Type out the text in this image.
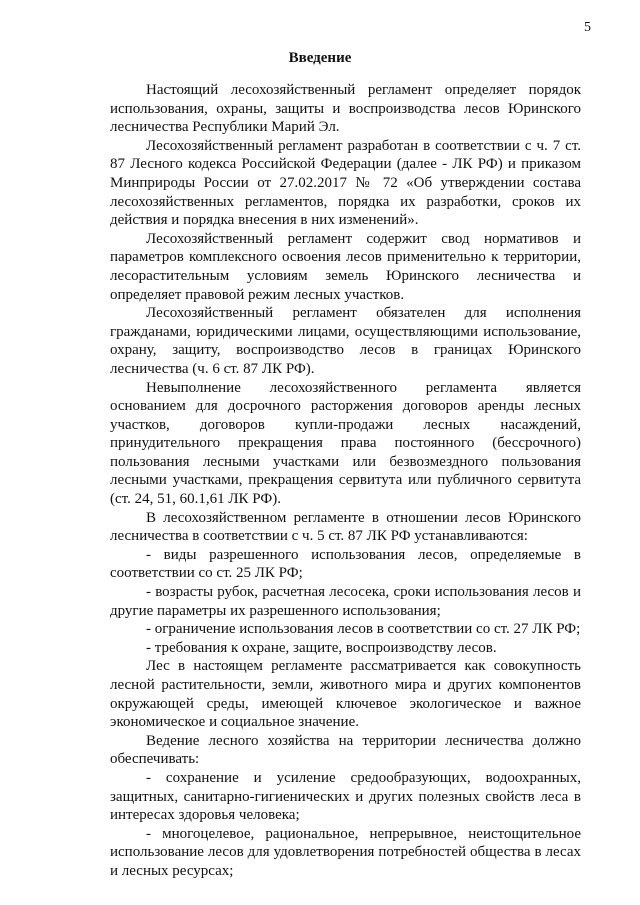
5
Введение

Настоящий лесохозяйственный регламент определяет порядок использования, охраны, защиты и воспроизводства лесов Юринского лесничества Республики Марий Эл.

Лесохозяйственный регламент разработан в соответствии с ч. 7 ст. 87 Лесного кодекса Российской Федерации (далее - ЛК РФ) и приказом Минприроды России от 27.02.2017 № 72 «Об утверждении состава лесохозяйственных регламентов, порядка их разработки, сроков их действия и порядка внесения в них изменений».

Лесохозяйственный регламент содержит свод нормативов и параметров комплексного освоения лесов применительно к территории, лесорастительным условиям земель Юринского лесничества и определяет правовой режим лесных участков.

Лесохозяйственный регламент обязателен для исполнения гражданами, юридическими лицами, осуществляющими использование, охрану, защиту, воспроизводство лесов в границах Юринского лесничества (ч. 6 ст. 87 ЛК РФ).

Невыполнение лесохозяйственного регламента является основанием для досрочного расторжения договоров аренды лесных участков, договоров купли-продажи лесных насаждений, принудительного прекращения права постоянного (бессрочного) пользования лесными участками или безвозмездного пользования лесными участками, прекращения сервитута или публичного сервитута (ст. 24, 51, 60.1,61 ЛК РФ).

В лесохозяйственном регламенте в отношении лесов Юринского лесничества в соответствии с ч. 5 ст. 87 ЛК РФ устанавливаются:

- виды разрешенного использования лесов, определяемые в соответствии со ст. 25 ЛК РФ;

- возрасты рубок, расчетная лесосека, сроки использования лесов и другие параметры их разрешенного использования;

- ограничение использования лесов в соответствии со ст. 27 ЛК РФ;

- требования к охране, защите, воспроизводству лесов.

Лес в настоящем регламенте рассматривается как совокупность лесной растительности, земли, животного мира и других компонентов окружающей среды, имеющей ключевое экологическое и важное экономическое и социальное значение.

Ведение лесного хозяйства на территории лесничества должно обеспечивать:

- сохранение и усиление средообразующих, водоохранных, защитных, санитарно-гигиенических и других полезных свойств леса в интересах здоровья человека;

- многоцелевое, рациональное, непрерывное, неистощительное использование лесов для удовлетворения потребностей общества в лесах и лесных ресурсах;
